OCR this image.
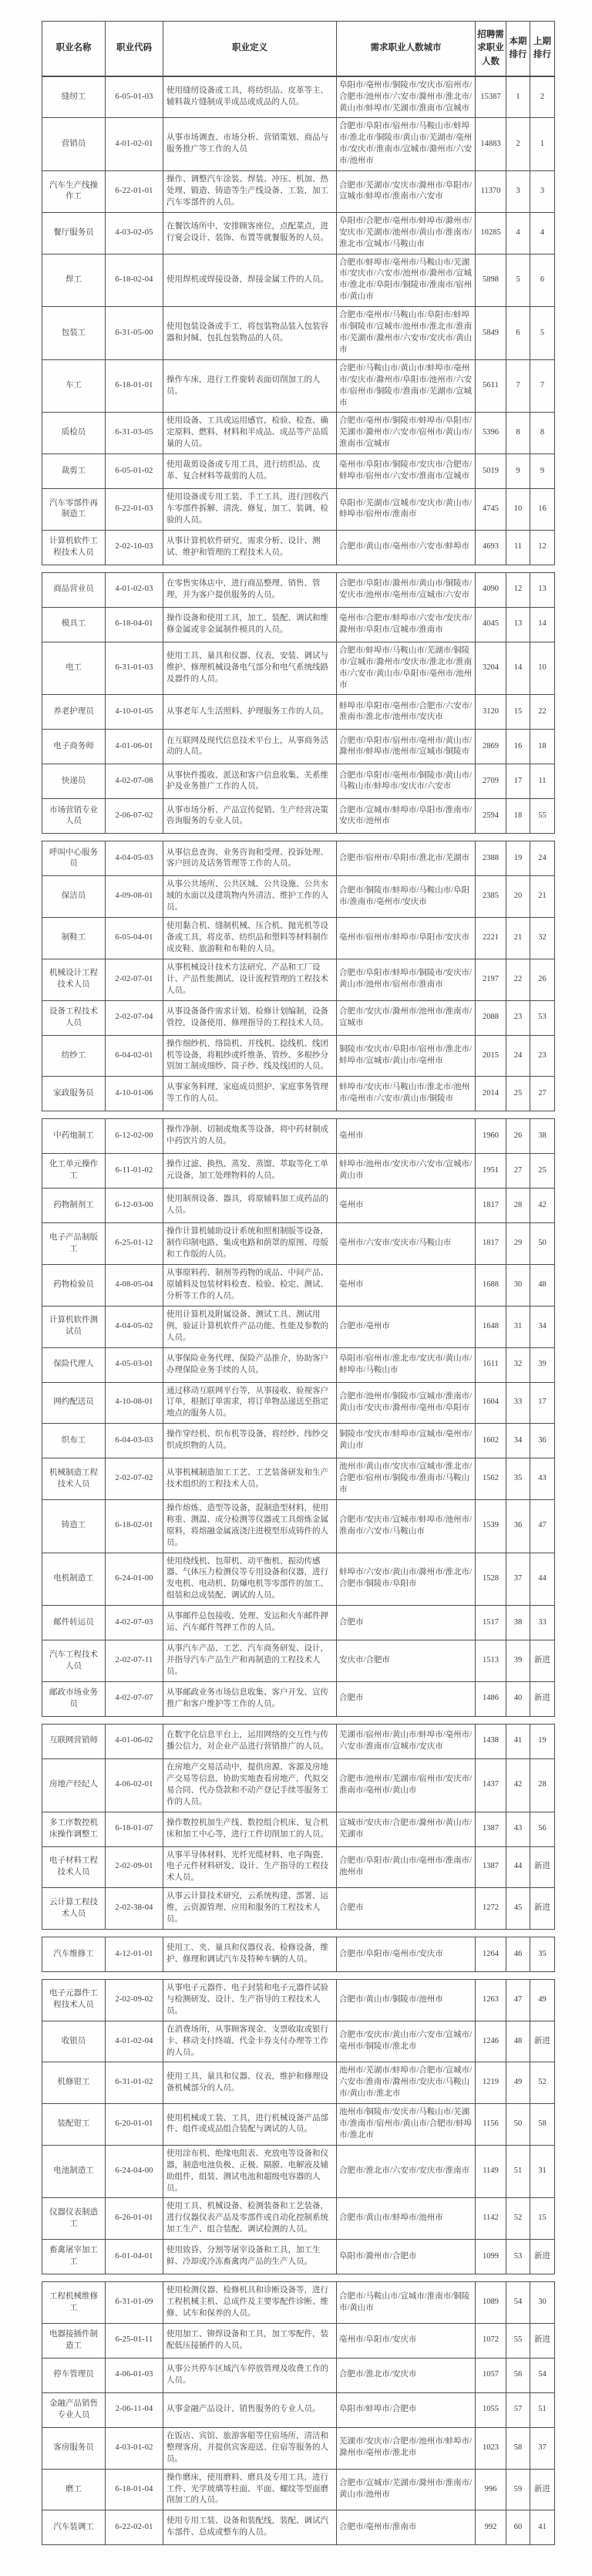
职业名称	职业代码	职业定义	需求职业人数城市	招聘需求职业人数	本期排行	上期排行
缝纫工	6-05-01-03	使用缝纫设备或工具，将纺织品、皮革等主、辅料裁片缝制成半成品或成品的人员。	阜阳市/亳州市/铜陵市/安庆市/宿州市/合肥市/池州市/六安市/滁州市/淮北市/黄山市/蚌埠市/芜湖市/淮南市/宣城市	15387	1	2
营销员	4-01-02-01	从事市场调查、市场分析、营销策划、商品与服务推广等工作的人员	合肥市/阜阳市/宿州市/马鞍山市/蚌埠市/淮北市/铜陵市/黄山市/芜湖市/亳州市/安庆市/淮南市/宣城市/滁州市/六安市/池州市	14883	2	1
汽车生产线操作工	6-22-01-01	操作、调整汽车涂装、焊装、冲压、机加、热处理、锻造、铸造等生产线设备、工装，加工汽车零部件的人员。	合肥市/芜湖市/安庆市/滁州市/阜阳市/宣城市/蚌埠市/淮南市/六安市	11370	3	3
餐厅服务员	4-03-02-05	在餐饮场所中，安排顾客座位，点配菜点，进行宴会设计、装饰、布置等就餐服务的人员。	阜阳市/合肥市/亳州市/蚌埠市/滁州市/安庆市/芜湖市/池州市/黄山市/淮南市/淮北市/宣城市/马鞍山市	10285	4	4
焊工	6-18-02-04	使用焊机或焊接设备，焊接金属工件的人员。	合肥市/蚌埠市/亳州市/马鞍山市/芜湖市/安庆市/六安市/池州市/滁州市/宣城市/淮北市/阜阳市/铜陵市/淮南市/宿州市/黄山市	5898	5	6
包装工	6-31-05-00	使用包装设备或手工，将包装物品装入包装容器和封缄、包扎包装物品的人员。	合肥市/亳州市/马鞍山市/阜阳市/蚌埠市/铜陵市/宣城市/池州市/淮北市/淮南市/芜湖市/滁州市/六安市/安庆市/黄山市	5849	6	5
车工	6-18-01-01	操作车床，进行工件旋转表面切削加工的人员。	合肥市/马鞍山市/黄山市/蚌埠市/亳州市/安庆市/滁州市/阜阳市/池州市/六安市/宿州市/铜陵市/淮南市/芜湖市/宣城市	5611	7	7
质检员	6-31-03-05	使用设备、工具或运用感官，检验、检查、确定原料、燃料、材料和半成品、成品等产品质量的人员。	合肥市/亳州市/铜陵市/蚌埠市/阜阳市/芜湖市/滁州市/六安市/宿州市/黄山市/淮南市/宣城市	5396	8	8
裁剪工	6-05-01-02	使用裁剪设备或专用工具，进行纺织品、皮革、复合材料等裁剪的人员。	亳州市/阜阳市/铜陵市/安庆市/合肥市/蚌埠市/宿州市/六安市/淮南市/宣城市	5019	9	9
汽车零部件再制造工	6-22-01-03	使用设备或专用工装、手工工具，进行回收汽车零部件拆解、清洗、修复、加工、装调、检验的人员。	阜阳市/芜湖市/宣城市/安庆市/黄山市/蚌埠市/宿州市/淮南市	4745	10	16
计算机软件工程技术人员	2-02-10-03	从事计算机软件研究、需求分析、设计、测试、维护和管理的工程技术人员。	合肥市/黄山市/亳州市/六安市/蚌埠市	4693	11	12
商品营业员	4-01-02-03	在零售实体店中，进行商品整理、销售、管理，并为客户提供服务的人员。	合肥市/阜阳市/滁州市/黄山市/铜陵市/安庆市/池州市/亳州市/宣城市/六安市	4090	12	13
模具工	6-18-04-01	操作设备和使用工具，加工、装配、调试和维修金属或非金属制件模具的人员。	亳州市/合肥市/蚌埠市/六安市/安庆市/滁州市/阜阳市/宣城市/淮南市	4045	13	14
电工	6-31-01-03	使用工具、量具和仪器、仪表，安装、调试与维护、修理机械设备电气部分和电气系统线路及器件的人员。	合肥市/蚌埠市/马鞍山市/芜湖市/铜陵市/宣城市/滁州市/安庆市/淮北市/淮南市/六安市/黄山市/阜阳市/亳州市/池州市	3204	14	10
养老护理员	4-10-01-05	从事老年人生活照料、护理服务工作的人员。	蚌埠市/阜阳市/亳州市/合肥市/六安市/淮南市/淮北市/池州市/安庆市	3120	15	22
电子商务师	4-01-06-01	在互联网及现代信息技术平台上，从事商务活动的人员。	合肥市/阜阳市/宿州市/亳州市/黄山市/滁州市/蚌埠市/池州市/宣城市/铜陵市	2869	16	18
快递员	4-02-07-08	从事快件揽收、派送和客户信息收集、关系维护及业务推广工作的人员。	合肥市/阜阳市/亳州市/铜陵市/黄山市/马鞍山市/蚌埠市/安庆市/六安市	2709	17	11
市场营销专业人员	2-06-07-02	从事市场分析、产品宣传促销、生产经营决策咨询服务的专业人员。	合肥市/宣城市/蚌埠市/阜阳市/淮南市/安庆市/池州市	2594	18	55
呼叫中心服务员	4-04-05-03	从事信息查询、业务咨询和受理、投诉处理、客户回访及话务管理等工作的人员。	合肥市/宿州市/阜阳市/淮北市/芜湖市	2388	19	24
保洁员	4-09-08-01	从事公共场所、公共区域、公共设施、公共水域的水面以及建筑物内外清洁、维护工作的人员。	合肥市/铜陵市/蚌埠市/马鞍山市/阜阳市/淮南市/亳州市/安庆市	2385	20	21
制鞋工	6-05-04-01	使用黏合机、缝制机械、压合机、抛光机等设备或工具，将皮革、纺织品和塑料等材料制作成皮鞋、旅游鞋和布鞋的人员。	亳州市/宿州市/蚌埠市/阜阳市/安庆市	2221	21	32
机械设计工程技术人员	2-02-07-01	从事机械设计技术方法研究、产品和工厂设计、产品性能测试、设计流程管理的工程技术人员。	合肥市/阜阳市/蚌埠市/铜陵市/安庆市/黄山市/池州市/宿州市/淮南市	2197	22	26
设备工程技术人员	2-02-07-04	从事设备备件需求计划、检修计划编制，设备管控，设备使用、修理指导的工程技术人员。	合肥市/安庆市/滁州市/池州市/淮南市/宣城市	2088	23	53
纺纱工	6-04-02-01	操作细纱机、络筒机、并线机、捻线机、线团机等设备，将粗纱或纤维条、管纱、多根纱分别加工制成细纱、筒子纱、线及线团的人员。	铜陵市/安庆市/阜阳市/宿州市/淮北市/蚌埠市/宣城市/黄山市/亳州市	2015	24	23
家政服务员	4-10-01-06	从事家务料理、家庭成员照护、家庭事务管理等工作的人员。	蚌埠市/安庆市/马鞍山市/淮北市/池州市/亳州市/六安市/黄山市/铜陵市	2014	25	27
中药炮制工	6-12-02-00	操作净制、切制或炮炙等设备，将中药材制成中药饮片的人员。	亳州市	1960	26	38
化工单元操作工	6-11-01-02	操作过滤、换热、蒸发、蒸馏、萃取等化工单元设备，加工处理物料的人员。	蚌埠市/池州市/安庆市/六安市/宣城市/黄山市	1951	27	25
药物制剂工	6-12-03-00	使用制剂设备、器具，将原辅料加工成药品的人员。	亳州市	1817	28	42
电子产品制版工	6-25-01-12	操作计算机辅助设计系统和照相制版等设备，制作印制电路、集成电路和荫罩的原图、母版和工作版的人员。	亳州市/六安市/安庆市/马鞍山市	1817	29	50
药物检验员	4-08-05-04	从事原料药、制剂等药物的成品、中间产品、原辅料及包装材料检查、检验、检定、测试、分析等工作的人员。	亳州市	1688	30	48
计算机软件测试员	4-04-05-02	使用计算机及附属设备、测试工具、测试用例，验证计算机软件产品功能、性能及参数的人员。	合肥市/亳州市	1648	31	34
保险代理人	4-05-03-01	从事保险业务代理、保险产品推介，协助客户办理保险业务手续的人员。	阜阳市/宿州市/淮北市/安庆市/黄山市/蚌埠市/马鞍山市	1611	32	39
网约配送员	4-10-08-01	通过移动互联网平台等，从事接收、验视客户订单，根据订单需求，将订单物品递送至指定地点的服务人员。	合肥市/池州市/铜陵市/宣城市/淮南市/黄山市/安庆市/滁州市/亳州市/阜阳市	1604	33	17
织布工	6-04-03-03	操作穿经机、织布机等设备，将经纱、纬纱交织成织物的人员。	铜陵市/安庆市/蚌埠市/宣城市/亳州市/黄山市	1602	34	36
机械制造工程技术人员	2-02-07-02	从事机械制造加工工艺、工艺装备研发和生产技术组织的工程技术人员。	池州市/黄山市/安庆市/宣城市/淮北市/合肥市/宿州市/铜陵市/淮南市/马鞍山市	1562	35	43
铸造工	6-18-02-01	操作熔炼、造型等设备，混制造型材料，使用称重、测温、成分检测等仪器或工具熔炼金属原料，将熔融金属液浇注进模型形成铸件的人员。	合肥市/安庆市/宣城市/蚌埠市/池州市/淮南市/六安市/马鞍山市	1539	36	47
电机制造工	6-24-01-00	使用绕线机、包带机、动平衡机、振动传感器、气体压力检测仪等专用设备和仪器，进行发电机、电动机、防爆电机等零部件的加工、组装和总成装配、调试的人员。	蚌埠市/六安市/黄山市/滁州市/淮北市/合肥市/铜陵市/阜阳市	1528	37	44
邮件转运员	4-02-07-03	从事邮件总包接收、处理、发运和火车邮件押运、汽车邮件驾押工作的人员。	合肥市	1517	38	33
汽车工程技术人员	2-02-07-11	从事汽车产品、工艺、汽车商务研发、设计，并指导汽车产品生产和再制造的工程技术人员。	安庆市/合肥市	1513	39	新进
邮政市场业务员	4-02-07-07	从事邮政业务市场信息收集、客户开发、宣传推广和客户维护等工作的人员。	合肥市	1486	40	新进
互联网营销师	4-01-06-02	在数字化信息平台上，运用网络的交互性与传播公信力，对企业产品进行营销推广的人员。	芜湖市/宿州市/黄山市/蚌埠市/亳州市/六安市/淮南市/宣城市/安庆市	1438	41	19
房地产经纪人	4-06-02-01	在房地产交易活动中，提供房源、客源及房地产交易等信息，协助实地查看房地产，代拟交易合同、代办贷款和不动产登记手续等服务工作的人员。	合肥市/池州市/芜湖市/宿州市/安庆市/淮南市/亳州市/黄山市	1437	42	28
多工序数控机床操作调整工	6-18-01-07	操作数控机加生产线、数控组合机床、复合机床和加工中心等，进行工件切削加工的人员。	宣城市/安庆市/合肥市/滁州市/黄山市/芜湖市	1387	43	56
电子材料工程技术人员	2-02-09-01	从事半导体材料、光纤光缆材料、电子陶瓷、电子元件材料研发、设计、生产指导的工程技术人员。	合肥市/阜阳市/黄山市/亳州市/淮南市/池州市	1387	44	新进
云计算工程技术人员	2-02-38-04	从事云计算技术研究，云系统构建、部署、运维，云资源管理、应用和服务的工程技术人员。	合肥市	1272	45	新进
汽车维修工	4-12-01-01	使用工、夹、量具和仪器仪表、检修设备，维护、修理和调试汽车及特种车辆的人员。	合肥市/阜阳市/亳州市/安庆市	1264	46	35
电子元器件工程技术人员	2-02-09-02	从事电子元器件、电子封装和电子元器件试验与检测研发、设计、生产指导的工程技术人员。	合肥市/黄山市/铜陵市/池州市	1263	47	49
收银员	4-01-02-04	在消费场所，从事顾客现金、支票收取或银行卡、移动支付终端、代金卡券支付办理等工作的人员。	合肥市/安庆市/黄山市/六安市/宣城市/亳州市/铜陵市/淮北市	1246	48	新进
机修钳工	6-31-01-02	使用工具、量具和仪器、仪表，维护和修理设备机械部分的人员。	池州市/芜湖市/蚌埠市/合肥市/宣城市/六安市/淮南市/滁州市/安庆市/马鞍山市/黄山市/淮北市	1219	49	52
装配钳工	6-20-01-01	使用机械或工装、工具，进行机械设备产品部件、组件或成品组合装配与调试的人员。	池州市/铜陵市/安庆市/马鞍山市/芜湖市/淮南市/宿州市/黄山市/合肥市/蚌埠市/淮北市	1156	50	58
电池制造工	6-24-04-00	使用涂布机、绝缘电阻表、充放电等设备和仪器，制造电池负极、正极、隔膜、电解液及辅助组件，组装、测试电池和超级电容器的人员。	合肥市/淮北市/六安市/安庆市/淮南市	1149	51	31
仪器仪表制造工	6-26-01-01	使用工具、机械设备、检测装备和工艺装备，进行仪器仪表产品及零部件或自动化控制系统加工生产、组合装配、调试检测的人员。	合肥市/黄山市/蚌埠市/池州市	1142	52	15
畜禽屠宰加工工	6-01-04-01	使用致昏、分割等屠宰设备和工具，加工生鲜、冷却或冷冻畜禽肉产品的生产人员。	阜阳市/滁州市/合肥市	1099	53	新进
工程机械维修工	6-31-01-09	使用检测仪器、检修机具和诊断设备等，进行工程机械主机、总成件及主要零配件诊断、维修、试车和保养的人员。	合肥市/马鞍山市/宣城市/淮南市/铜陵市/黄山市	1089	54	30
电器接插件制造工	6-25-01-11	使用加工、铆焊设备和工具，加工零配件，装配低压接插件的人员。	亳州市/阜阳市/安庆市	1072	55	新进
停车管理员	4-06-01-03	从事公共停车区域汽车停放管理及收费工作的人员。	合肥市/淮北市/安庆市	1057	56	54
金融产品销售专业人员	2-06-11-04	从事金融产品设计、销售服务的专业人员。	阜阳市/蚌埠市/合肥市	1055	57	51
客房服务员	4-03-01-02	在饭店、宾馆、旅游客船等住宿场所，清洁和整理客房，并提供宾客迎送、住宿等服务的人员。	芜湖市/安庆市/合肥市/池州市/蚌埠市/滁州市/亳州市/淮北市	1023	58	37
磨工	6-18-01-04	操作磨床，使用磨料、磨具及专用工具，进行工件、光学玻璃等柱面、平面、螺纹等型面磨削加工的人员。	合肥市/宣城市/芜湖市/滁州市/淮南市/黄山市/池州市	996	59	新进
汽车装调工	6-22-02-01	使用专用工装、设备和装配线，装配、调试汽车部件、总成或整车的人员。	合肥市/亳州市/淮南市	992	60	41
